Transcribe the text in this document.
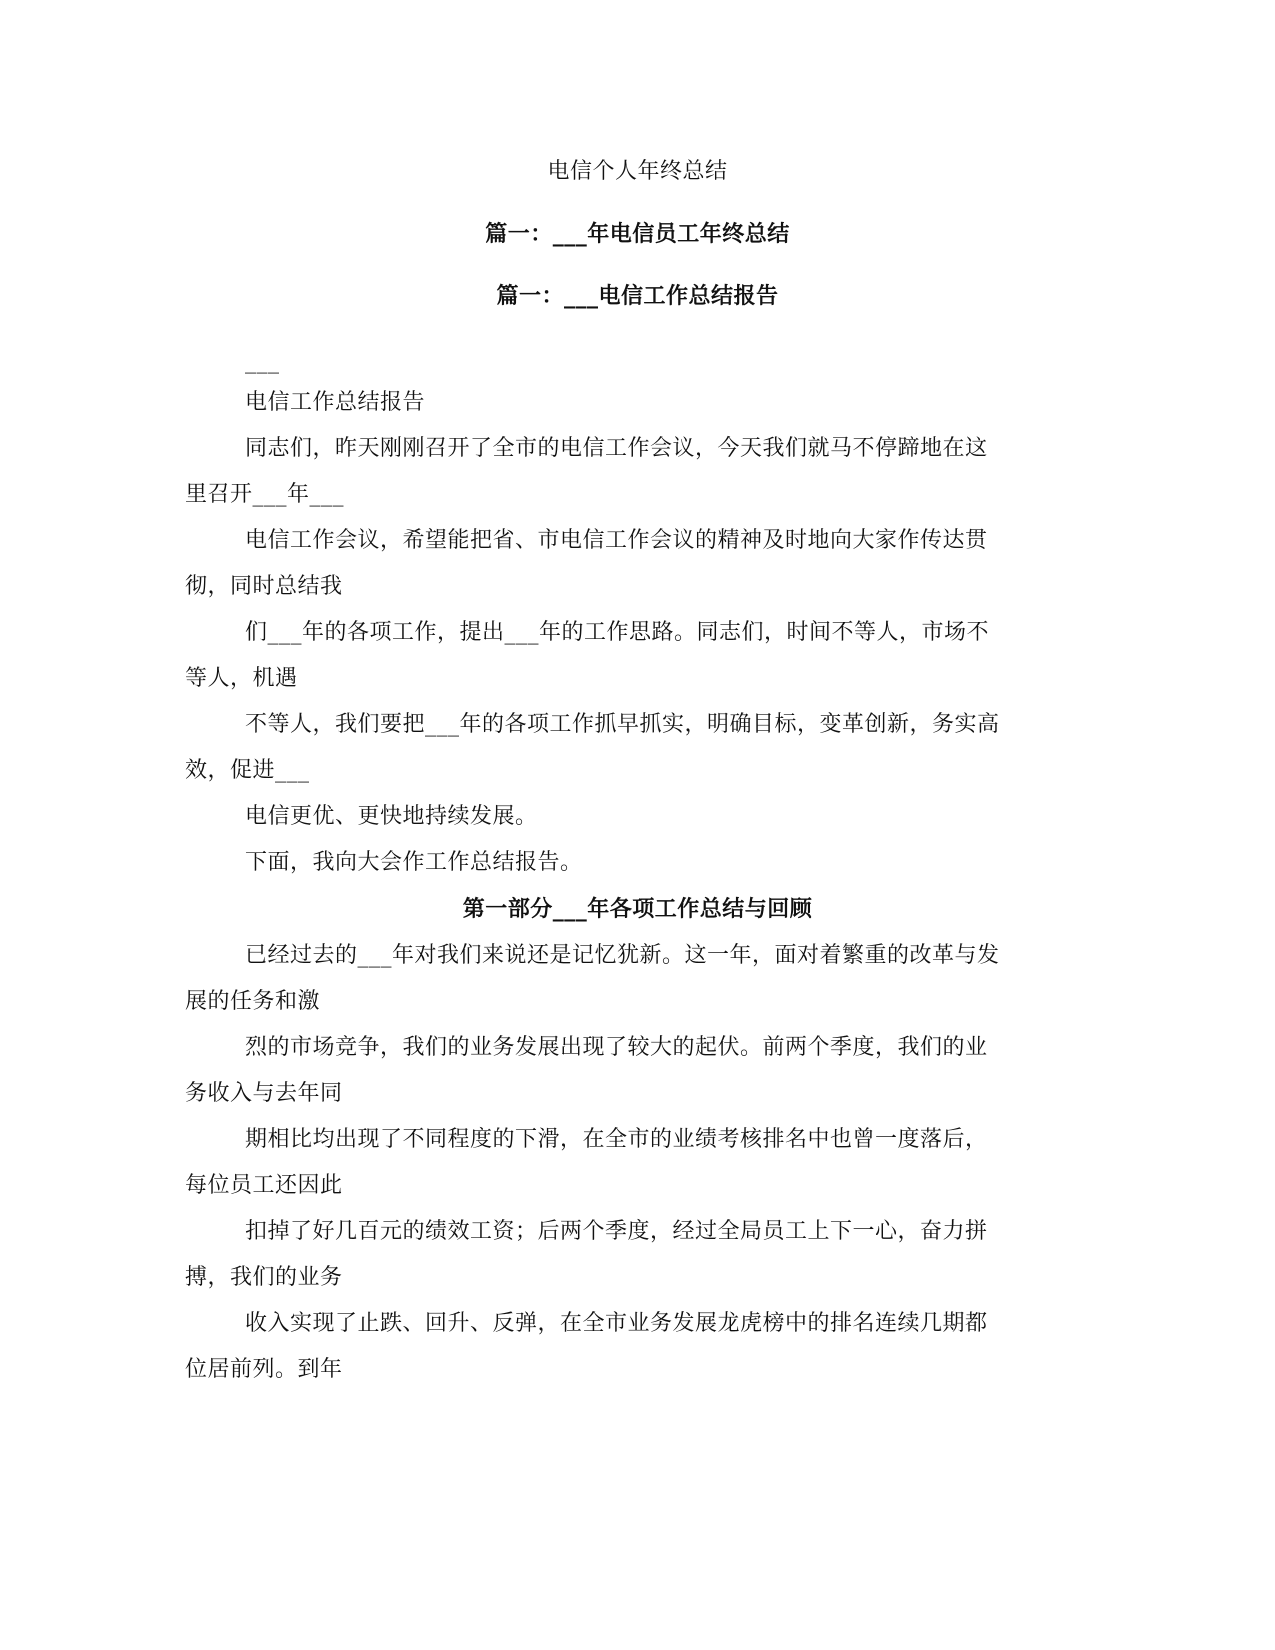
电信个人年终总结
篇一：___年电信员工年终总结
篇一：___电信工作总结报告
___
电信工作总结报告
同志们，昨天刚刚召开了全市的电信工作会议，今天我们就马不停蹄地在这
里召开___年___
电信工作会议，希望能把省、市电信工作会议的精神及时地向大家作传达贯
彻，同时总结我
们___年的各项工作，提出___年的工作思路。同志们，时间不等人，市场不
等人，机遇
不等人，我们要把___年的各项工作抓早抓实，明确目标，变革创新，务实高
效，促进___
电信更优、更快地持续发展。
下面，我向大会作工作总结报告。
第一部分___年各项工作总结与回顾
已经过去的___年对我们来说还是记忆犹新。这一年，面对着繁重的改革与发
展的任务和激
烈的市场竞争，我们的业务发展出现了较大的起伏。前两个季度，我们的业
务收入与去年同
期相比均出现了不同程度的下滑，在全市的业绩考核排名中也曾一度落后，
每位员工还因此
扣掉了好几百元的绩效工资；后两个季度，经过全局员工上下一心，奋力拼
搏，我们的业务
收入实现了止跌、回升、反弹，在全市业务发展龙虎榜中的排名连续几期都
位居前列。到年
